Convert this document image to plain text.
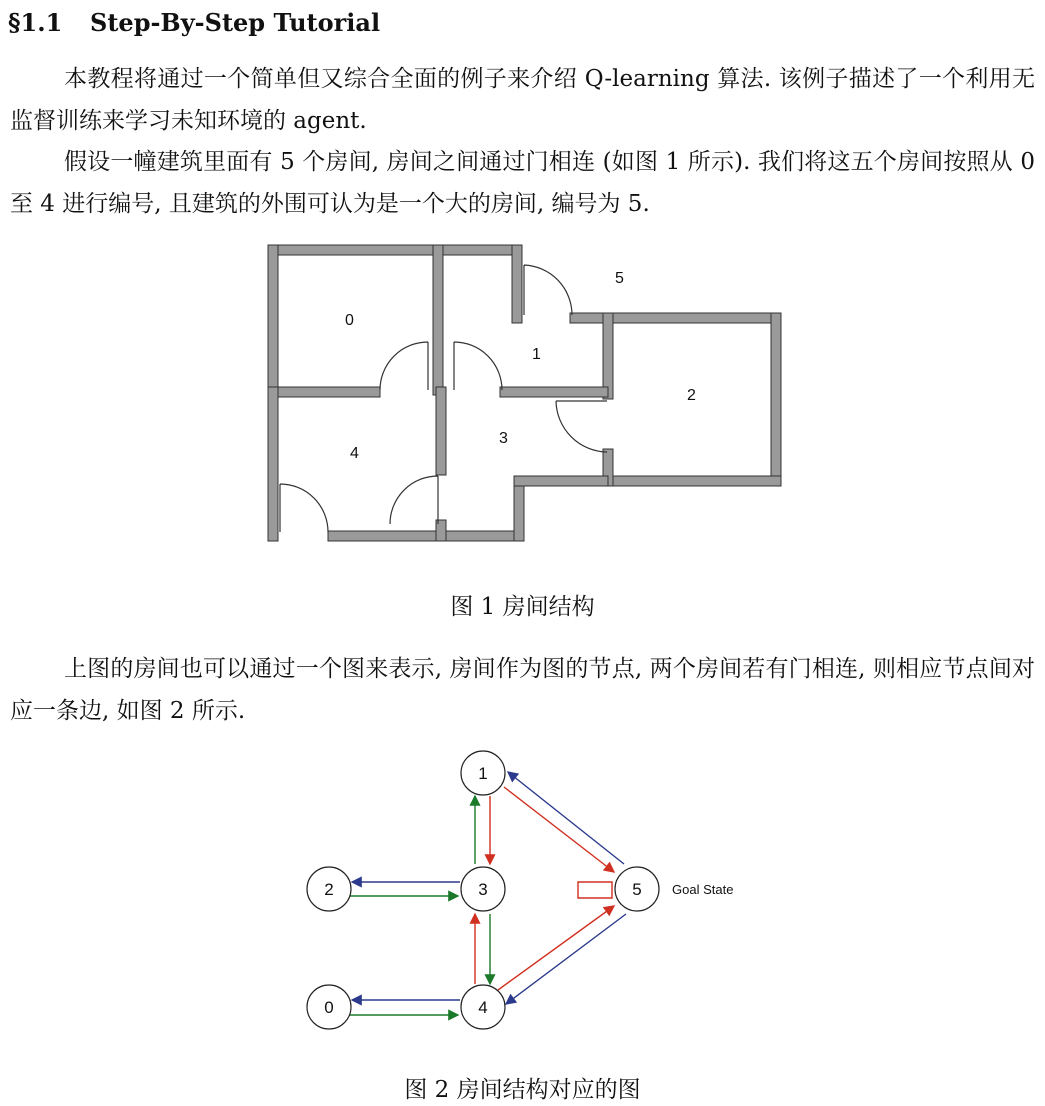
§1.1 Step-By-Step Tutorial

本教程将通过一个简单但又综合全面的例子来介绍 Q-learning 算法. 该例子描述了一个利用无监督训练来学习未知环境的 agent.

假设一幢建筑里面有 5 个房间, 房间之间通过门相连 (如图 1 所示). 我们将这五个房间按照从 0 至 4 进行编号, 且建筑的外围可认为是一个大的房间, 编号为 5.

0
1
2
3
4
5
图 1 房间结构

上图的房间也可以通过一个图来表示, 房间作为图的节点, 两个房间若有门相连, 则相应节点间对应一条边, 如图 2 所示.

1
2	3	5
0	4
Goal State
图 2 房间结构对应的图
